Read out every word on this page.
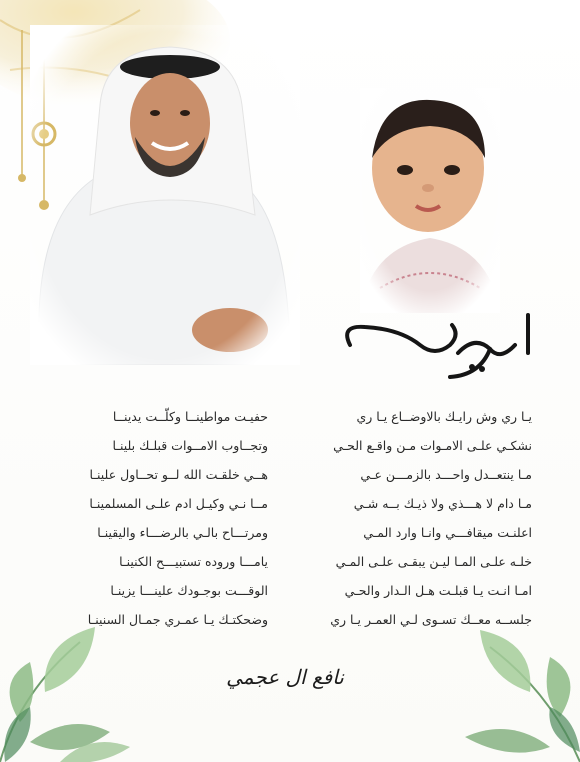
يا ري
يـا ري وش رايـك بالاوضــاع يـا ري
نشكـي علـى الامـوات مـن واقـع الحـي
مـا ينتعــدل واحـــد بالزمـــن عـي
مـا دام لا هـــذي ولا ذيـك بــه شـي
اعلنـت ميقافـــي وانـا وارد المـي
خلـه علـى المـا ليـن يبقـى علـى المـي
امـا انـت يـا قبلـت هـل الـدار والحـي
جلســه معــك تسـوى لـي العمـر يـا ري
حفيـت مواطينــا وكلّــت يدينــا
وتجــاوب الامــوات قبلـك بلينـا
هــي خلقـت الله لــو تحــاول علينـا
مــا نـي وكيـل ادم علـى المسلمينـا
ومرتـــاح بالـي بالرضـــاء واليقينـا
يامـــا وروده تستبيـــح الكنينـا
الوقـــت بوجـودك علينـــا يزينـا
وضحكتـك يـا عمـري جمـال السنينـا
نافع ال عجمي
